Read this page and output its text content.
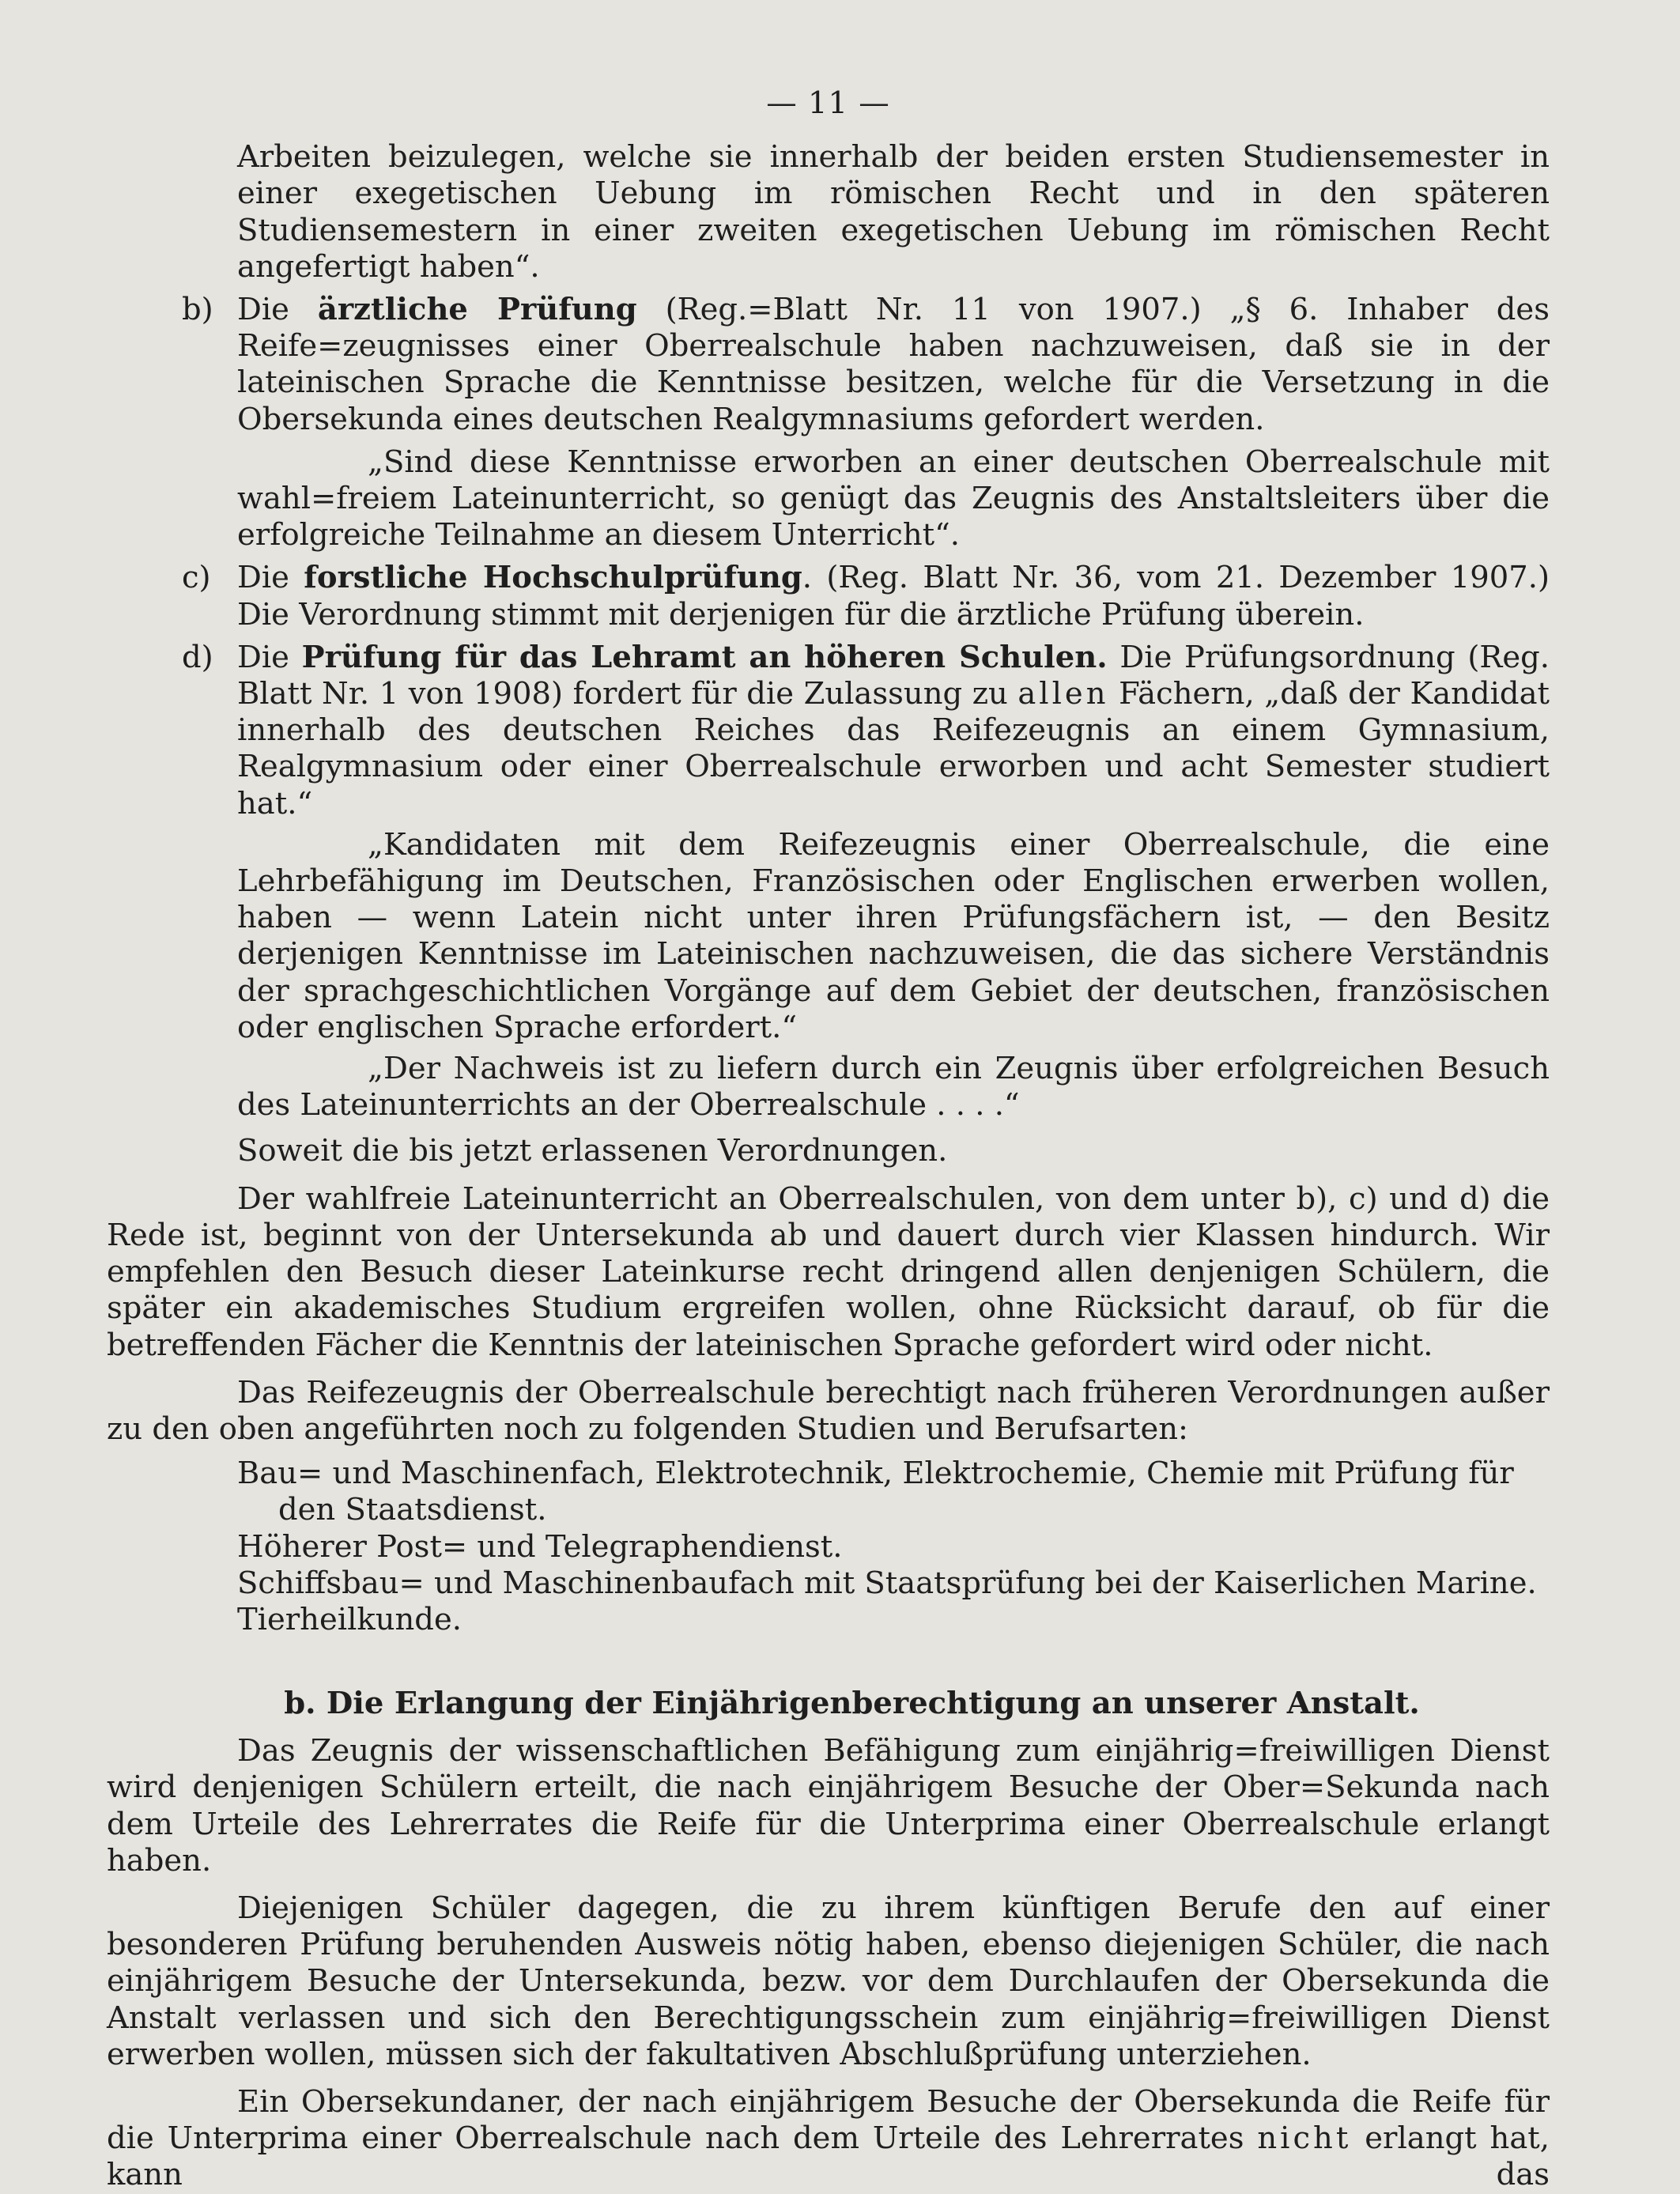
— 11 —

Arbeiten beizulegen, welche sie innerhalb der beiden ersten Studiensemester in einer exegetischen Uebung im römischen Recht und in den späteren Studiensemestern in einer zweiten exegetischen Uebung im römischen Recht angefertigt haben“.

b) Die ärztliche Prüfung (Reg.=Blatt Nr. 11 von 1907.) „§ 6. Inhaber des Reife=zeugnisses einer Oberrealschule haben nachzuweisen, daß sie in der lateinischen Sprache die Kenntnisse besitzen, welche für die Versetzung in die Obersekunda eines deutschen Realgymnasiums gefordert werden.

„Sind diese Kenntnisse erworben an einer deutschen Oberrealschule mit wahl=freiem Lateinunterricht, so genügt das Zeugnis des Anstaltsleiters über die erfolgreiche Teilnahme an diesem Unterricht“.

c) Die forstliche Hochschulprüfung. (Reg. Blatt Nr. 36, vom 21. Dezember 1907.) Die Verordnung stimmt mit derjenigen für die ärztliche Prüfung überein.
d) Die Prüfung für das Lehramt an höheren Schulen. Die Prüfungsordnung (Reg. Blatt Nr. 1 von 1908) fordert für die Zulassung zu allen Fächern, „daß der Kandidat innerhalb des deutschen Reiches das Reifezeugnis an einem Gymnasium, Realgymnasium oder einer Oberrealschule erworben und acht Semester studiert hat.“

„Kandidaten mit dem Reifezeugnis einer Oberrealschule, die eine Lehrbefähigung im Deutschen, Französischen oder Englischen erwerben wollen, haben — wenn Latein nicht unter ihren Prüfungsfächern ist, — den Besitz derjenigen Kenntnisse im Lateinischen nachzuweisen, die das sichere Verständnis der sprachgeschichtlichen Vorgänge auf dem Gebiet der deutschen, französischen oder englischen Sprache erfordert.“

„Der Nachweis ist zu liefern durch ein Zeugnis über erfolgreichen Besuch des Lateinunterrichts an der Oberrealschule . . . .“

Soweit die bis jetzt erlassenen Verordnungen.

Der wahlfreie Lateinunterricht an Oberrealschulen, von dem unter b), c) und d) die Rede ist, beginnt von der Untersekunda ab und dauert durch vier Klassen hindurch. Wir empfehlen den Besuch dieser Lateinkurse recht dringend allen denjenigen Schülern, die später ein akademisches Studium ergreifen wollen, ohne Rücksicht darauf, ob für die betreffenden Fächer die Kenntnis der lateinischen Sprache gefordert wird oder nicht.

Das Reifezeugnis der Oberrealschule berechtigt nach früheren Verordnungen außer zu den oben angeführten noch zu folgenden Studien und Berufsarten:

Bau= und Maschinenfach, Elektrotechnik, Elektrochemie, Chemie mit Prüfung für den Staatsdienst.

Höherer Post= und Telegraphendienst.

Schiffsbau= und Maschinenbaufach mit Staatsprüfung bei der Kaiserlichen Marine.

Tierheilkunde.

b. Die Erlangung der Einjährigenberechtigung an unserer Anstalt.

Das Zeugnis der wissenschaftlichen Befähigung zum einjährig=freiwilligen Dienst wird denjenigen Schülern erteilt, die nach einjährigem Besuche der Ober=Sekunda nach dem Urteile des Lehrerrates die Reife für die Unterprima einer Oberrealschule erlangt haben.

Diejenigen Schüler dagegen, die zu ihrem künftigen Berufe den auf einer besonderen Prüfung beruhenden Ausweis nötig haben, ebenso diejenigen Schüler, die nach einjährigem Besuche der Untersekunda, bezw. vor dem Durchlaufen der Obersekunda die Anstalt verlassen und sich den Berechtigungsschein zum einjährig=freiwilligen Dienst erwerben wollen, müssen sich der fakultativen Abschlußprüfung unterziehen.

Ein Obersekundaner, der nach einjährigem Besuche der Obersekunda die Reife für die Unterprima einer Oberrealschule nach dem Urteile des Lehrerrates nicht erlangt hat, kann das
